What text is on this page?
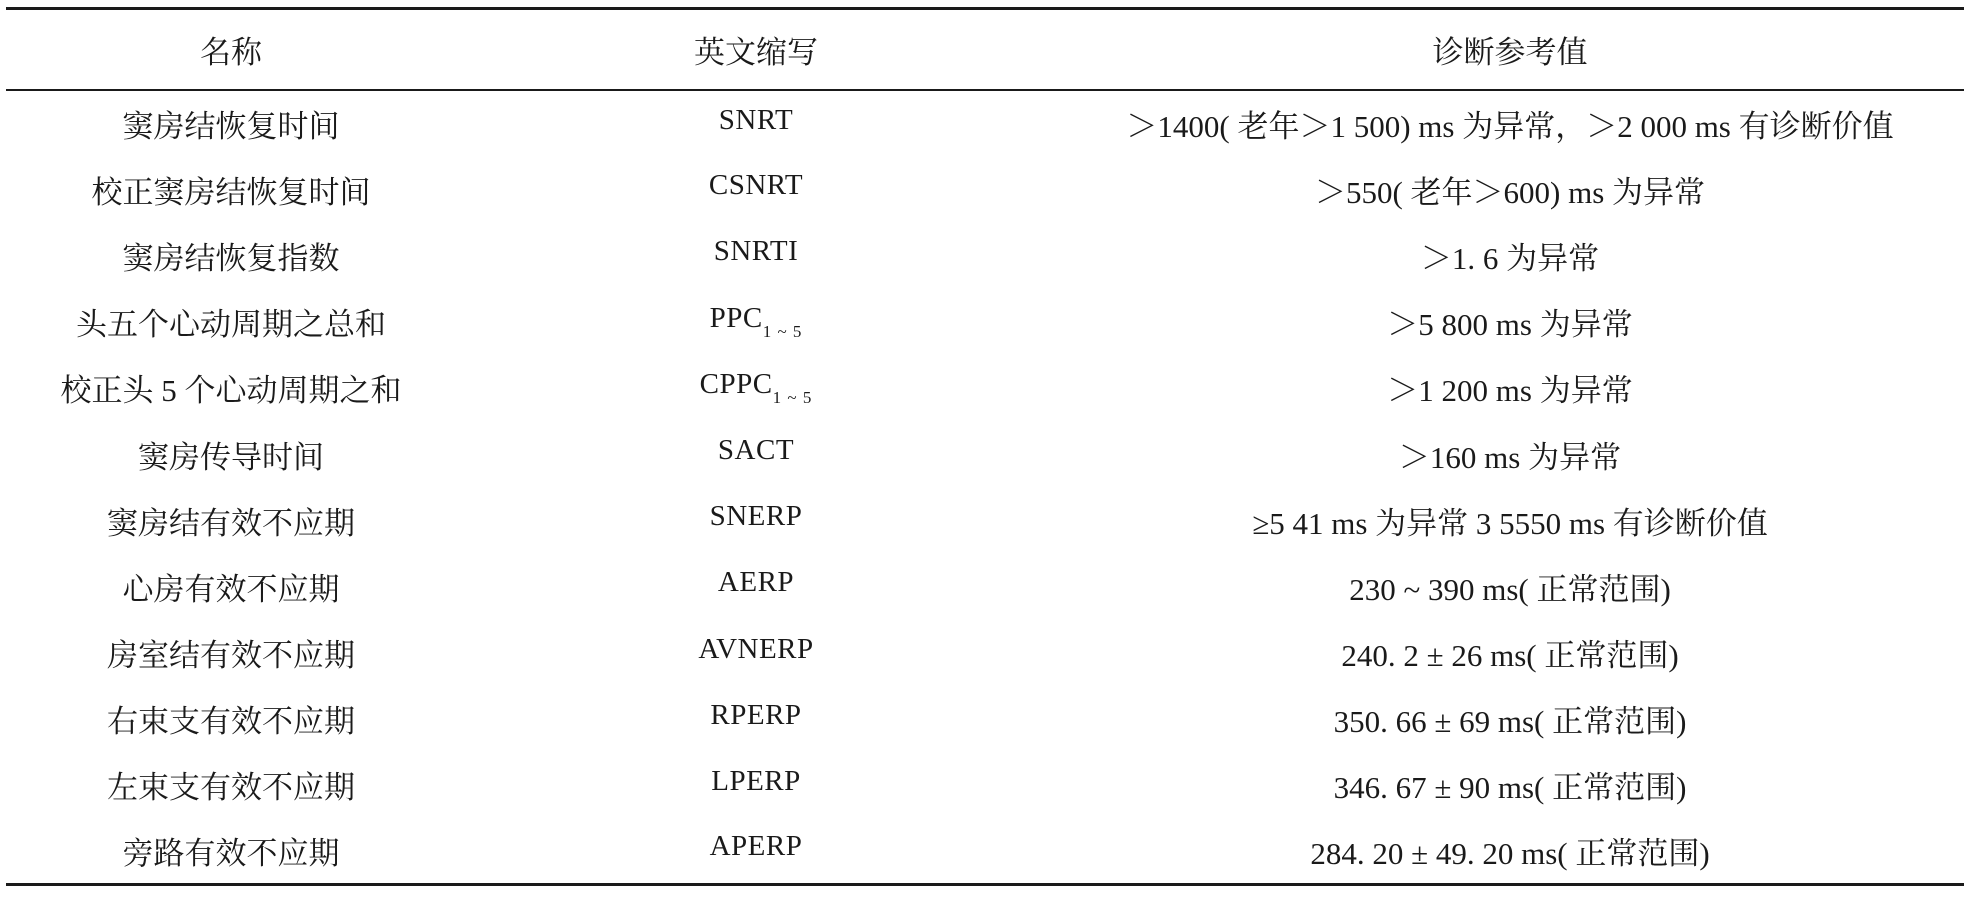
名称	英文缩写	诊断参考值
窦房结恢复时间	SNRT	＞1400( 老年＞1 500) ms 为异常，＞2 000 ms 有诊断价值
校正窦房结恢复时间	CSNRT	＞550( 老年＞600) ms 为异常
窦房结恢复指数	SNRTI	＞1. 6 为异常
头五个心动周期之总和	$PPC_{1 \sim 5}$	＞5 800 ms 为异常
校正头 5 个心动周期之和	$CPPC_{1 \sim 5}$	＞1 200 ms 为异常
窦房传导时间	SACT	＞160 ms 为异常
窦房结有效不应期	SNERP	≥5 41 ms 为异常 3 5550 ms 有诊断价值
心房有效不应期	AERP	230 ~ 390 ms( 正常范围)
房室结有效不应期	AVNERP	240. 2 ± 26 ms( 正常范围)
右束支有效不应期	RPERP	350. 66 ± 69 ms( 正常范围)
左束支有效不应期	LPERP	346. 67 ± 90 ms( 正常范围)
旁路有效不应期	APERP	284. 20 ± 49. 20 ms( 正常范围)
